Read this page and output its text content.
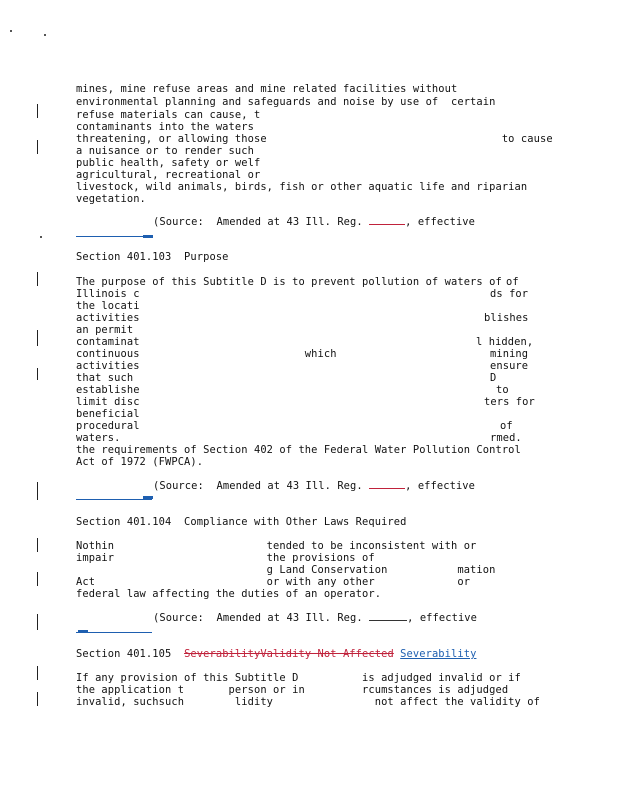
mines, mine refuse areas and mine related facilities without
environmental planning and safeguards and noise by use of  certain
refuse materials can cause, t
contaminants into the waters
threatening, or allowing those                                     to cause
a nuisance or to render such
public health, safety or welf
agricultural, recreational or
livestock, wild animals, birds, fish or other aquatic life and riparian
vegetation.
(Source:  Amended at 43 Ill. Reg.	, effective
Section 401.103  Purpose
The purpose of this Subtitle D is to prevent pollution of waters of
Illinois c
the locati
activities
an permit
contaminat
continuous                          which
activities
that such
establishe
limit disc
beneficial
procedural
waters.
the requirements of Section 402 of the Federal Water Pollution Control
Act of 1972 (FWPCA).
of
ds for
blishes
l hidden,
mining
ensure
D
to
ters for
of
rmed.
(Source:  Amended at 43 Ill. Reg.	, effective
Section 401.104  Compliance with Other Laws Required
Nothin                        tended to be inconsistent with or
impair                        the provisions of
g Land Conservation           mation
Act                           or with any other             or
federal law affecting the duties of an operator.
(Source:  Amended at 43 Ill. Reg.	, effective
Section 401.105 SeverabilityValidity Not Affected Severability
If any provision of this Subtitle D          is adjudged invalid or if
the application t       person or in         rcumstances is adjudged
invalid, suchsuch        lidity                not affect the validity of
